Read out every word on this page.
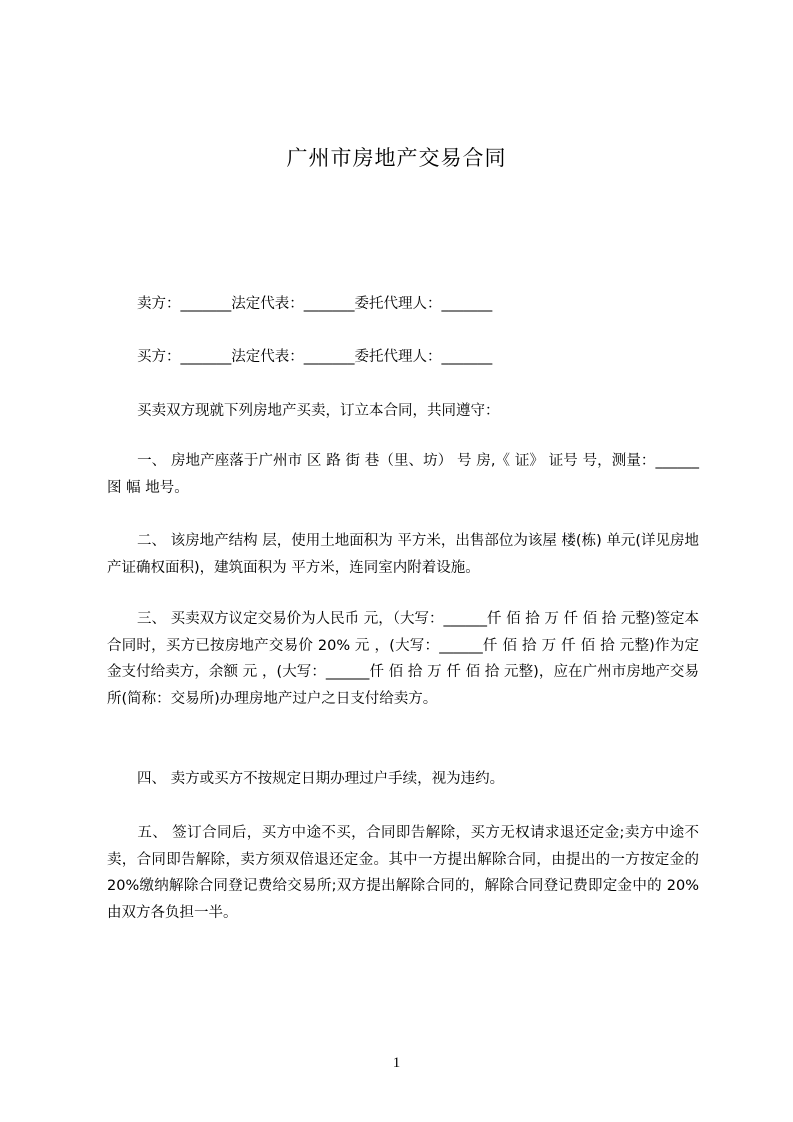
广州市房地产交易合同
卖方：_______法定代表：_______委托代理人：_______
买方：_______法定代表：_______委托代理人：_______
买卖双方现就下列房地产买卖，订立本合同，共同遵守：
一、 房地产座落于广州市 区 路 街 巷（里、坊） 号 房,《 证》 证号 号，测量：______图 幅 地号。
二、 该房地产结构 层，使用土地面积为 平方米，出售部位为该屋 楼(栋) 单元(详见房地产证确权面积)，建筑面积为 平方米，连同室内附着设施。
三、 买卖双方议定交易价为人民币 元，（大写：______仟 佰 拾 万 仟 佰 拾 元整)签定本合同时，买方已按房地产交易价 20% 元 ，(大写：______仟 佰 拾 万 仟 佰 拾 元整)作为定金支付给卖方，余额 元 ，(大写：______仟 佰 拾 万 仟 佰 拾 元整)，应在广州市房地产交易所(简称：交易所)办理房地产过户之日支付给卖方。
四、 卖方或买方不按规定日期办理过户手续，视为违约。
五、 签订合同后，买方中途不买，合同即告解除，买方无权请求退还定金;卖方中途不卖，合同即告解除，卖方须双倍退还定金。其中一方提出解除合同，由提出的一方按定金的 20%缴纳解除合同登记费给交易所;双方提出解除合同的，解除合同登记费即定金中的 20%由双方各负担一半。
1
